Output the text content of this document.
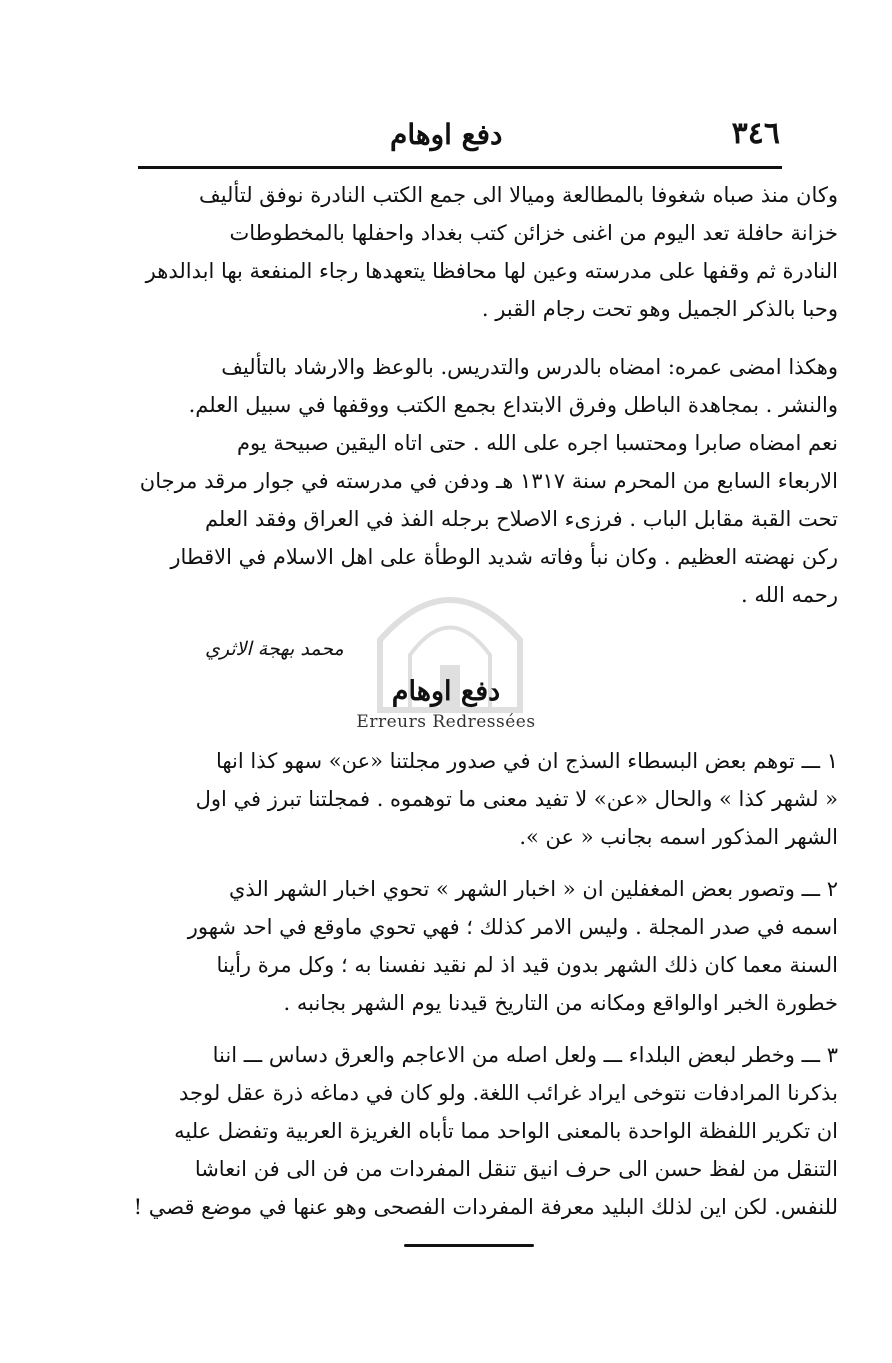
٣٤٦
دفع اوهام
وكان منذ صباه شغوفا بالمطالعة وميالا الى جمع الكتب النادرة نوفق لتأليف
خزانة حافلة تعد اليوم من اغنى خزائن كتب بغداد واحفلها بالمخطوطات
النادرة ثم وقفها على مدرسته وعين لها محافظا يتعهدها رجاء المنفعة بها ابدالدهر
وحبا بالذكر الجميل وهو تحت رجام القبر .
وهكذا امضى عمره: امضاه بالدرس والتدريس. بالوعظ والارشاد بالتأليف
والنشر . بمجاهدة الباطل وفرق الابتداع بجمع الكتب ووقفها في سبيل العلم.
نعم امضاه صابرا ومحتسبا اجره على الله . حتى اتاه اليقين صبيحة يوم
الاربعاء السابع من المحرم سنة ١٣١٧ هـ ودفن في مدرسته في جوار مرقد مرجان
تحت القبة مقابل الباب . فرزىء الاصلاح برجله الفذ في العراق وفقد العلم
ركن نهضته العظيم . وكان نبأ وفاته شديد الوطأة على اهل الاسلام في الاقطار
رحمه الله .
محمد بهجة الاثري
دفع اوهام
Erreurs Redressées
١ ـــ توهم بعض البسطاء السذج ان في صدور مجلتنا «عن» سهو كذا انها
« لشهر كذا » والحال «عن» لا تفيد معنى ما توهموه . فمجلتنا تبرز في اول
الشهر المذكور اسمه بجانب « عن ».
٢ ـــ وتصور بعض المغفلين ان « اخبار الشهر » تحوي اخبار الشهر الذي
اسمه في صدر المجلة . وليس الامر كذلك ؛ فهي تحوي ماوقع في احد شهور
السنة معما كان ذلك الشهر بدون قيد اذ لم نقيد نفسنا به ؛ وكل مرة رأينا
خطورة الخبر اوالواقع ومكانه من التاريخ قيدنا يوم الشهر بجانبه .
٣ ـــ وخطر لبعض البلداء ـــ ولعل اصله من الاعاجم والعرق دساس ـــ اننا
بذكرنا المرادفات نتوخى ايراد غرائب اللغة. ولو كان في دماغه ذرة عقل لوجد
ان تكرير اللفظة الواحدة بالمعنى الواحد مما تأباه الغريزة العربية وتفضل عليه
التنقل من لفظ حسن الى حرف انيق تنقل المفردات من فن الى فن انعاشا
للنفس. لكن اين لذلك البليد معرفة المفردات الفصحى وهو عنها في موضع قصي !
